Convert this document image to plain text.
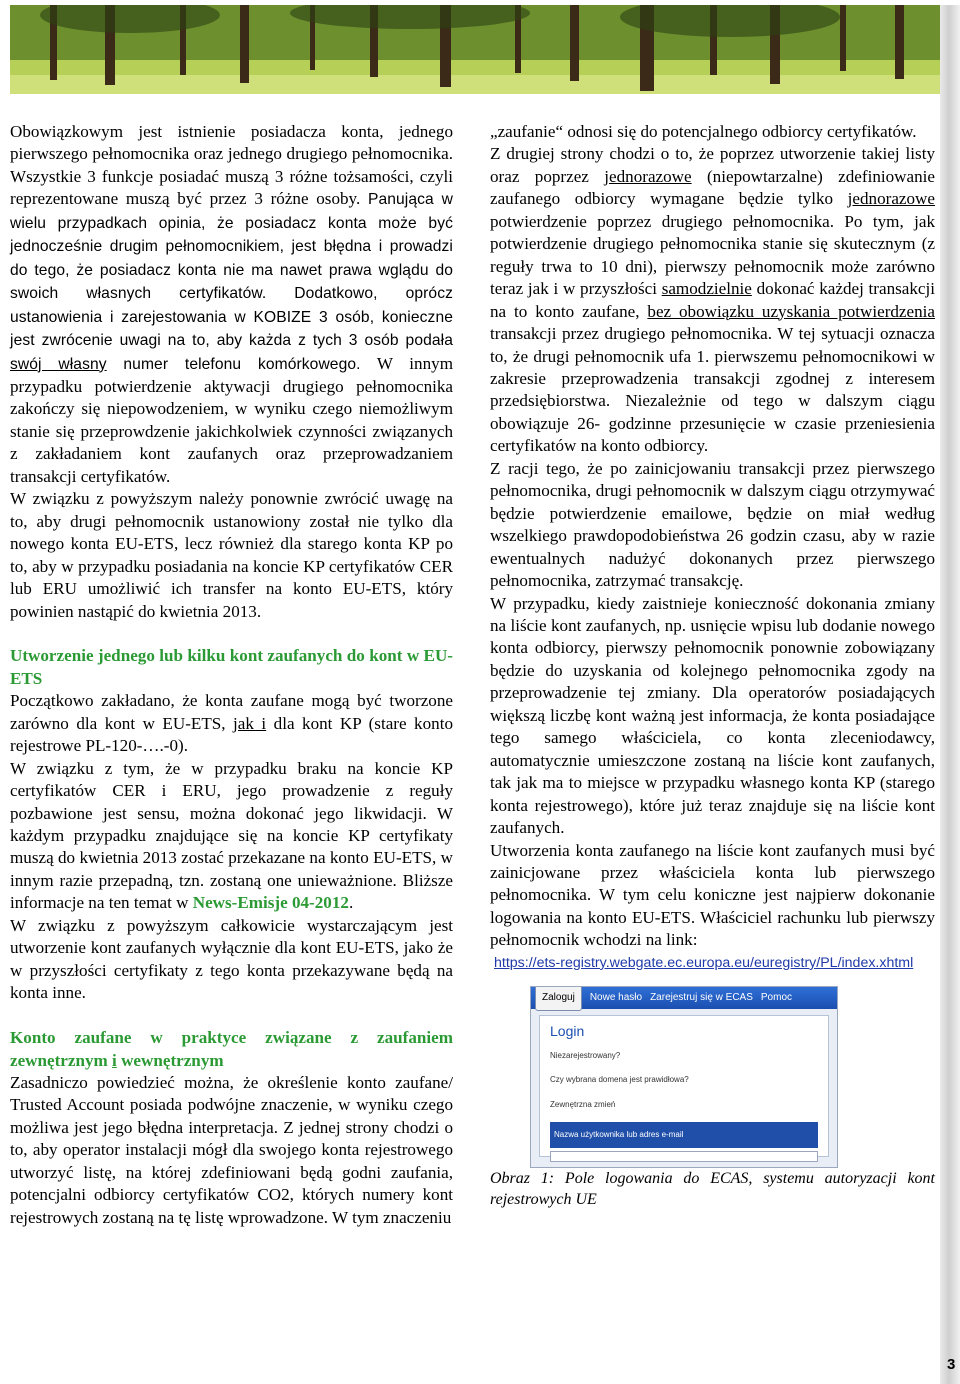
Obowiązkowym jest istnienie posiadacza konta, jednego pierwszego pełnomocnika oraz jednego drugiego pełnomocnika. Wszystkie 3 funkcje posiadać muszą 3 różne tożsamości, czyli reprezentowane muszą być przez 3 różne osoby. Panująca w wielu przypadkach opinia, że posiadacz konta może być jednocześnie drugim pełnomocnikiem, jest błędna i prowadzi do tego, że posiadacz konta nie ma nawet prawa wglądu do swoich własnych certyfikatów. Dodatkowo, oprócz ustanowienia i zarejestowania w KOBIZE 3 osób, konieczne jest zwrócenie uwagi na to, aby każda z tych 3 osób podała swój własny numer telefonu komórkowego. W innym przypadku potwierdzenie aktywacji drugiego pełnomocnika zakończy się niepowodzeniem, w wyniku czego niemożliwym stanie się przeprowdzenie jakichkolwiek czynności związanych z zakładaniem kont zaufanych oraz przeprowadzaniem transakcji certyfikatów.

W związku z powyższym należy ponownie zwrócić uwagę na to, aby drugi pełnomocnik ustanowiony został nie tylko dla nowego konta EU-ETS, lecz również dla starego konta KP po to, aby w przypadku posiadania na koncie KP certyfikatów CER lub ERU umożliwić ich transfer na konto EU-ETS, który powinien nastąpić do kwietnia 2013.

Utworzenie jednego lub kilku kont zaufanych do kont w EU-ETS

Początkowo zakładano, że konta zaufane mogą być tworzone zarówno dla kont w EU-ETS, jak i dla kont KP (stare konto rejestrowe PL-120-….-0).

W związku z tym, że w przypadku braku na koncie KP certyfikatów CER i ERU, jego prowadzenie z reguły pozbawione jest sensu, można dokonać jego likwidacji. W każdym przypadku znajdujące się na koncie KP certyfikaty muszą do kwietnia 2013 zostać przekazane na konto EU-ETS, w innym razie przepadną, tzn. zostaną one unieważnione. Bliższe informacje na ten temat w News-Emisje 04-2012.

W związku z powyższym całkowicie wystarczającym jest utworzenie kont zaufanych wyłącznie dla kont EU-ETS, jako że w przyszłości certyfikaty z tego konta przekazywane będą na konta inne.

Konto zaufane w praktyce związane z zaufaniem zewnętrznym i wewnętrznym

Zasadniczo powiedzieć można, że określenie konto zaufane/ Trusted Account posiada podwójne znaczenie, w wyniku czego możliwa jest jego błędna interpretacja. Z jednej strony chodzi o to, aby operator instalacji mógł dla swojego konta rejestrowego utworzyć listę, na której zdefiniowani będą godni zaufania, potencjalni odbiorcy certyfikatów CO2, których numery kont rejestrowych zostaną na tę listę wprowadzone. W tym znaczeniu

„zaufanie“ odnosi się do potencjalnego odbiorcy certyfikatów.

Z drugiej strony chodzi o to, że poprzez utworzenie takiej listy oraz poprzez jednorazowe (niepowtarzalne) zdefiniowanie zaufanego odbiorcy wymagane będzie tylko jednorazowe potwierdzenie poprzez drugiego pełnomocnika. Po tym, jak potwierdzenie drugiego pełnomocnika stanie się skutecznym (z reguły trwa to 10 dni), pierwszy pełnomocnik może zarówno teraz jak i w przyszłości samodzielnie dokonać każdej transakcji na to konto zaufane, bez obowiązku uzyskania potwierdzenia transakcji przez drugiego pełnomocnika. W tej sytuacji oznacza to, że drugi pełnomocnik ufa 1. pierwszemu pełnomocnikowi w zakresie przeprowadzenia transakcji zgodnej z interesem przedsiębiorstwa. Niezależnie od tego w dalszym ciągu obowiązuje 26- godzinne przesunięcie w czasie przeniesienia certyfikatów na konto odbiorcy.

Z racji tego, że po zainicjowaniu transakcji przez pierwszego pełnomocnika, drugi pełnomocnik w dalszym ciągu otrzymywać będzie potwierdzenie emailowe, będzie on miał według wszelkiego prawdopodobieństwa 26 godzin czasu, aby w razie ewentualnych nadużyć dokonanych przez pierwszego pełnomocnika, zatrzymać transakcję.

W przypadku, kiedy zaistnieje konieczność dokonania zmiany na liście kont zaufanych, np. usnięcie wpisu lub dodanie nowego konta odbiorcy, pierwszy pełnomocnik ponownie zobowiązany będzie do uzyskania od kolejnego pełnomocnika zgody na przeprowadzenie tej zmiany. Dla operatorów posiadających większą liczbę kont ważną jest informacja, że konta posiadające tego samego właściciela, co konta zleceniodawcy, automatycznie umieszczone zostaną na liście kont zaufanych, tak jak ma to miejsce w przypadku własnego konta KP (starego konta rejestrowego), które już teraz znajduje się na liście kont zaufanych.

Utworzenia konta zaufanego na liście kont zaufanych musi być zainicjowane przez właściciela konta lub pierwszego pełnomocnika. W tym celu koniczne jest najpierw dokonanie logowania na konto EU-ETS. Właściciel rachunku lub pierwszy pełnomocnik wchodzi na link:

https://ets-registry.webgate.ec.europa.eu/euregistry/PL/index.xhtml
Zaloguj	Nowe hasło Zarejestruj się w ECAS Pomoc
Login
Niezarejestrowany?
Czy wybrana domena jest prawidłowa?
Zewnętrzna zmień
Nazwa użytkownika lub adres e-mail

Obraz 1: Pole logowania do ECAS, systemu autoryzacji kont rejestrowych UE

3
